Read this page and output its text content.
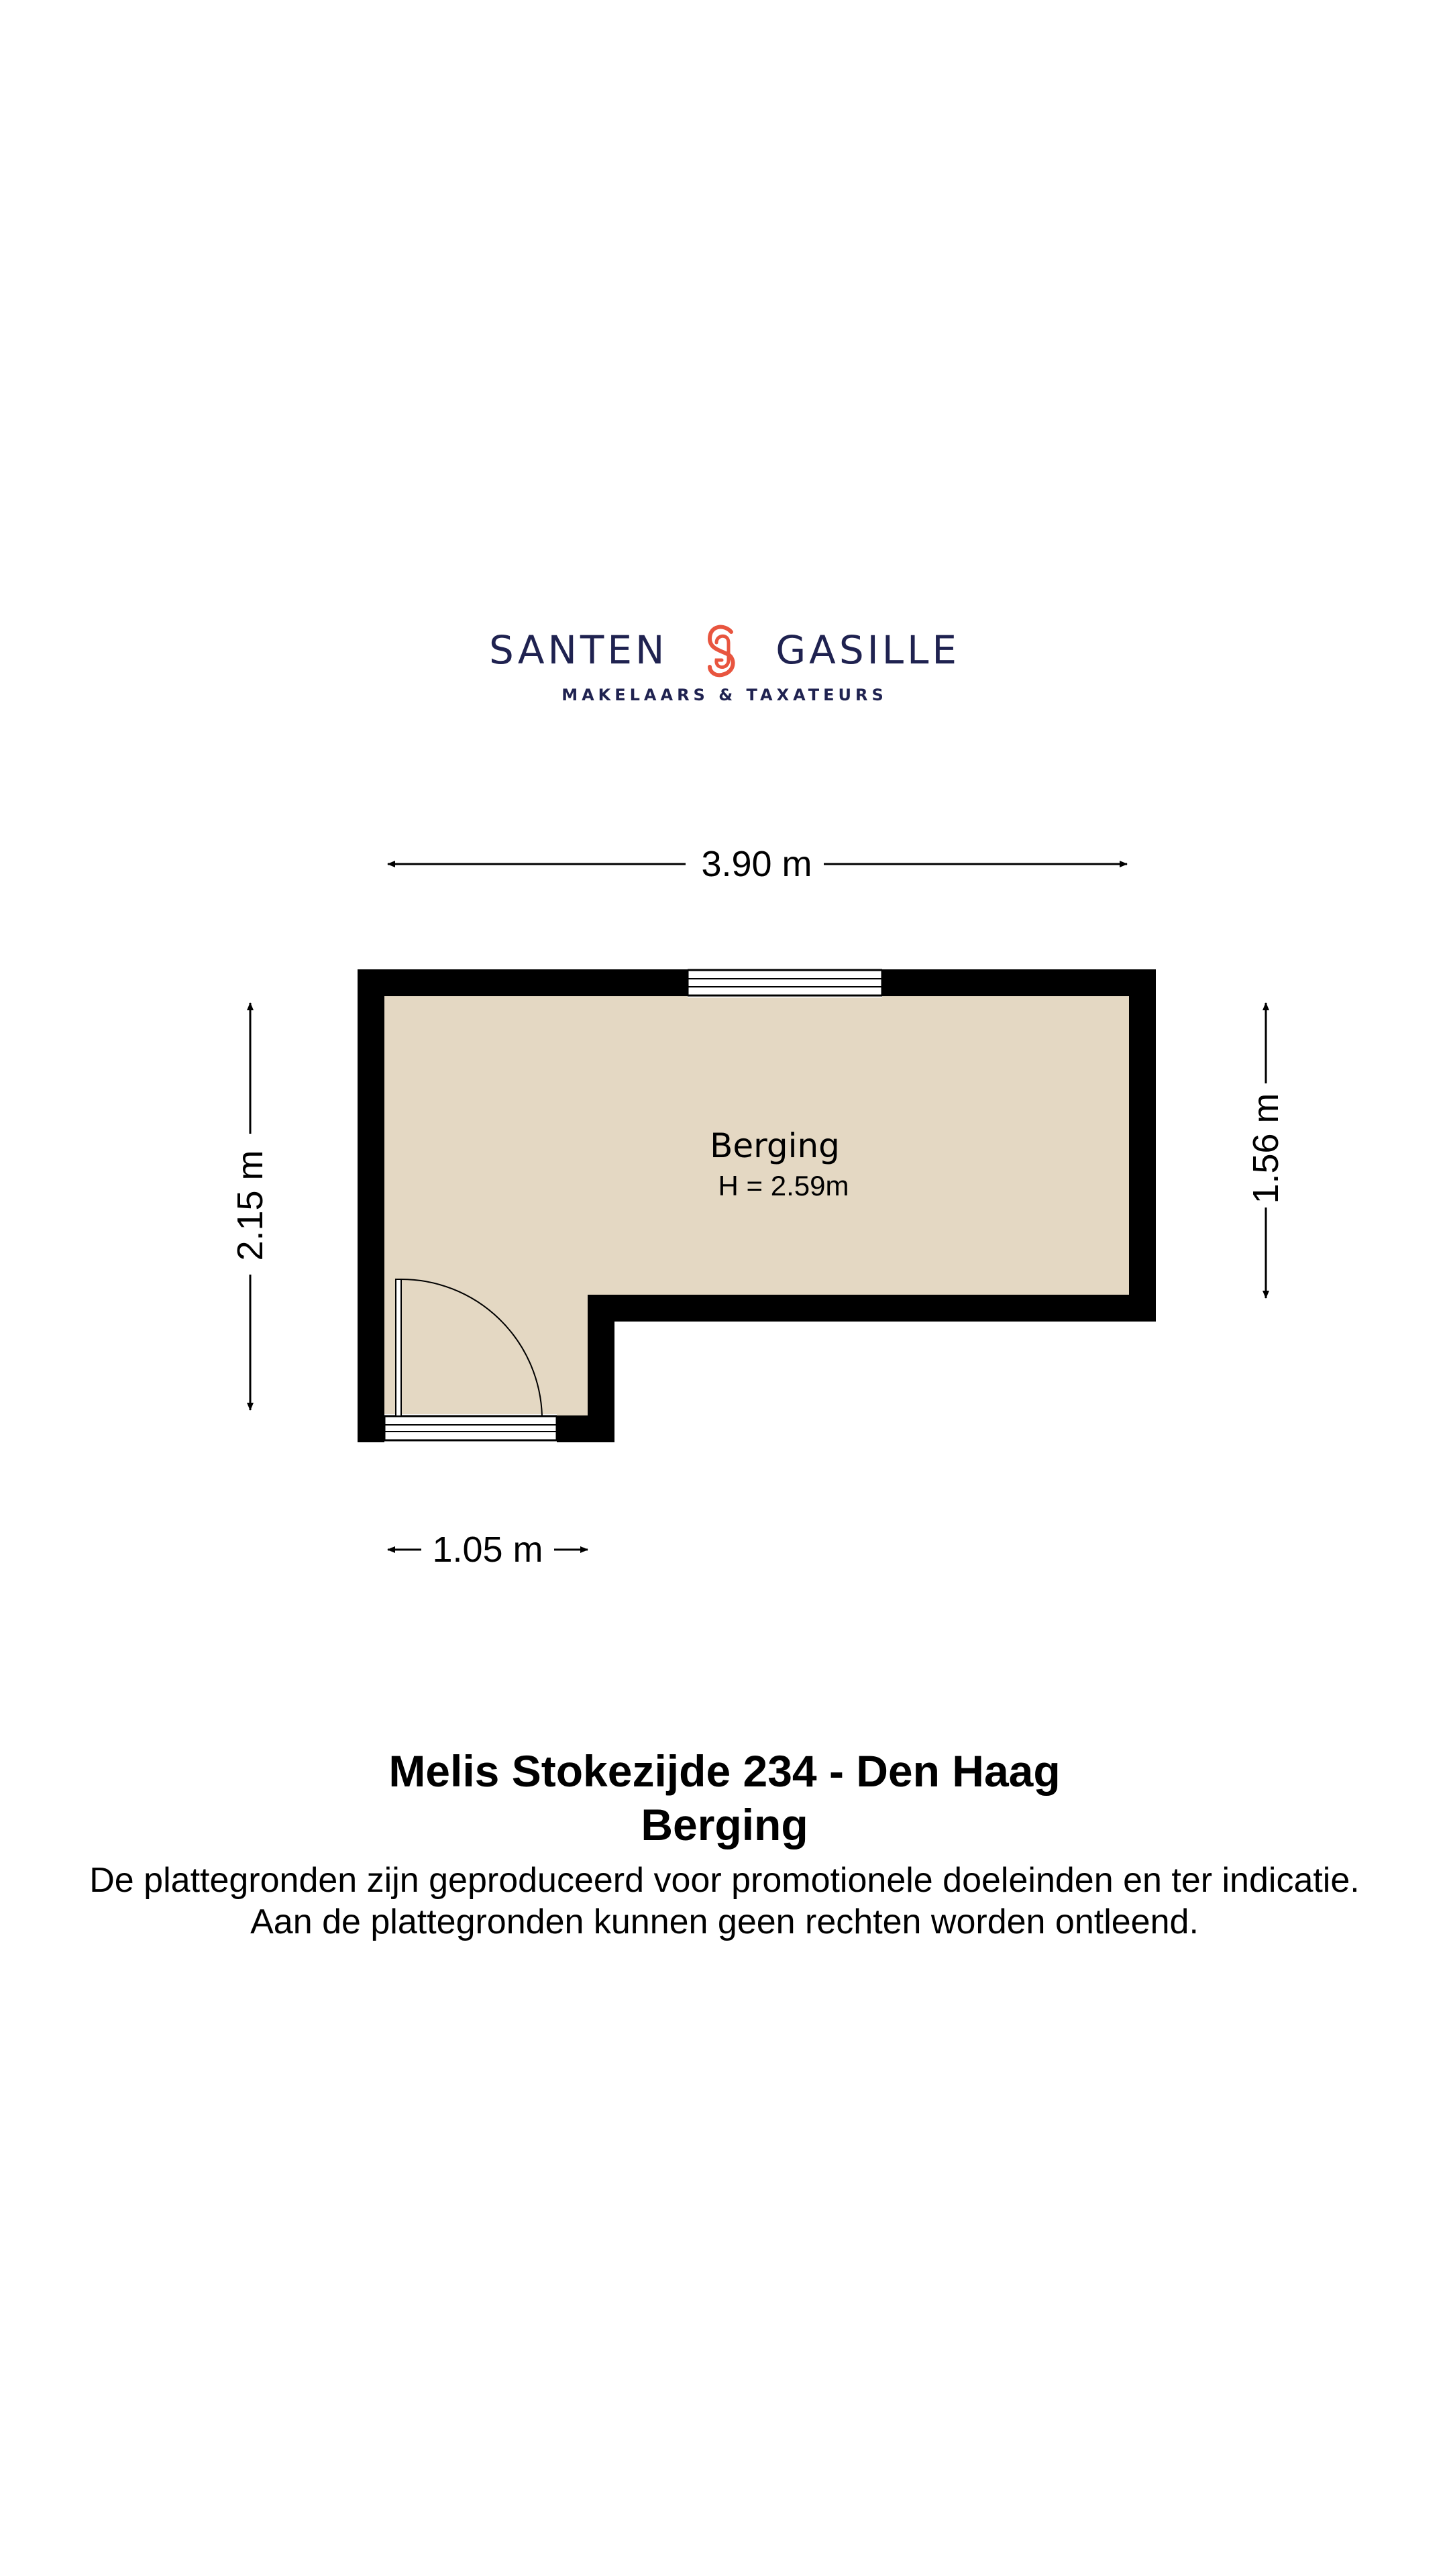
SANTEN	GASILLE
MAKELAARS & TAXATEURS
Berging
H = 2.59m
3.90 m
2.15 m
1.56 m
1.05 m
Melis Stokezijde 234 - Den Haag
Berging
De plattegronden zijn geproduceerd voor promotionele doeleinden en ter indicatie.
Aan de plattegronden kunnen geen rechten worden ontleend.
